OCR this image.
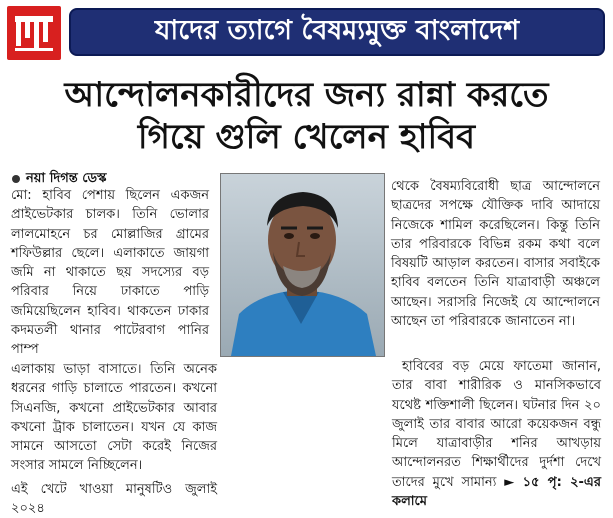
যাদের ত্যাগে বৈষম্যমুক্ত বাংলাদেশ
আন্দোলনকারীদের জন্য রান্না করতে
গিয়ে গুলি খেলেন হাবিব
নয়া দিগন্ত ডেস্ক

মো: হাবিব পেশায় ছিলেন একজন প্রাইভেটকার চালক। তিনি ভোলার লালমোহনে চর মোল্লাজির গ্রামের শফিউল্লার ছেলে। এলাকাতে জায়গা জমি না থাকাতে ছয় সদস্যের বড় পরিবার নিয়ে ঢাকাতে পাড়ি জমিয়েছিলেন হাবিব। থাকতেন ঢাকার কদমতলী থানার পাটেরবাগ পানির পাম্প

থেকে বৈষম্যবিরোধী ছাত্র আন্দোলনে ছাত্রদের সপক্ষে যৌক্তিক দাবি আদায়ে নিজেকে শামিল করেছিলেন। কিন্তু তিনি তার পরিবারকে বিভিন্ন রকম কথা বলে বিষয়টি আড়াল করতেন। বাসার সবাইকে হাবিব বলতেন তিনি যাত্রাবাড়ী অঞ্চলে আছেন। সরাসরি নিজেই যে আন্দোলনে আছেন তা পরিবারকে জানাতেন না।

এলাকায় ভাড়া বাসাতে। তিনি অনেক ধরনের গাড়ি চালাতে পারতেন। কখনো সিএনজি, কখনো প্রাইভেটকার আবার কখনো ট্রাক চালাতেন। যখন যে কাজ সামনে আসতো সেটা করেই নিজের সংসার সামলে নিচ্ছিলেন।

এই খেটে খাওয়া মানুষটিও জুলাই ২০২৪

হাবিবের বড় মেয়ে ফাতেমা জানান, তার বাবা শারীরিক ও মানসিকভাবে যথেষ্ট শক্তিশালী ছিলেন। ঘটনার দিন ২০ জুলাই তার বাবার আরো কয়েকজন বন্ধু মিলে যাত্রাবাড়ীর শনির আখড়ায় আন্দোলনরত শিক্ষার্থীদের দুর্দশা দেখে তাদের মুখে সামান্য ► ১৫ পৃ: ২-এর কলামে
